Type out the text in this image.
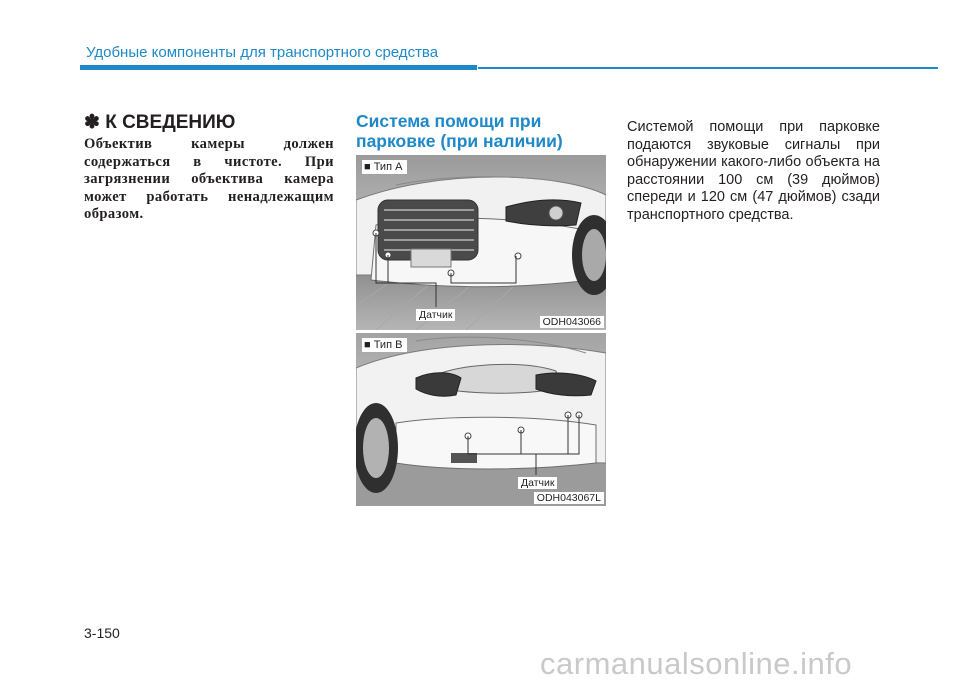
Удобные компоненты для транспортного средства
✽ К СВЕДЕНИЮ
Объектив камеры должен содержаться в чистоте. При загрязнении объектива камера может работать ненадлежащим образом.
Система помощи при парковке (при наличии)
■ Тип A
Датчик
ODH043066
■ Тип B
Датчик
ODH043067L
Системой помощи при парковке подаются звуковые сигналы при обнаружении какого-либо объекта на расстоянии 100 см (39 дюймов) спереди и 120 см (47 дюймов) сзади транспортного средства.
3-150
carmanualsonline.info
